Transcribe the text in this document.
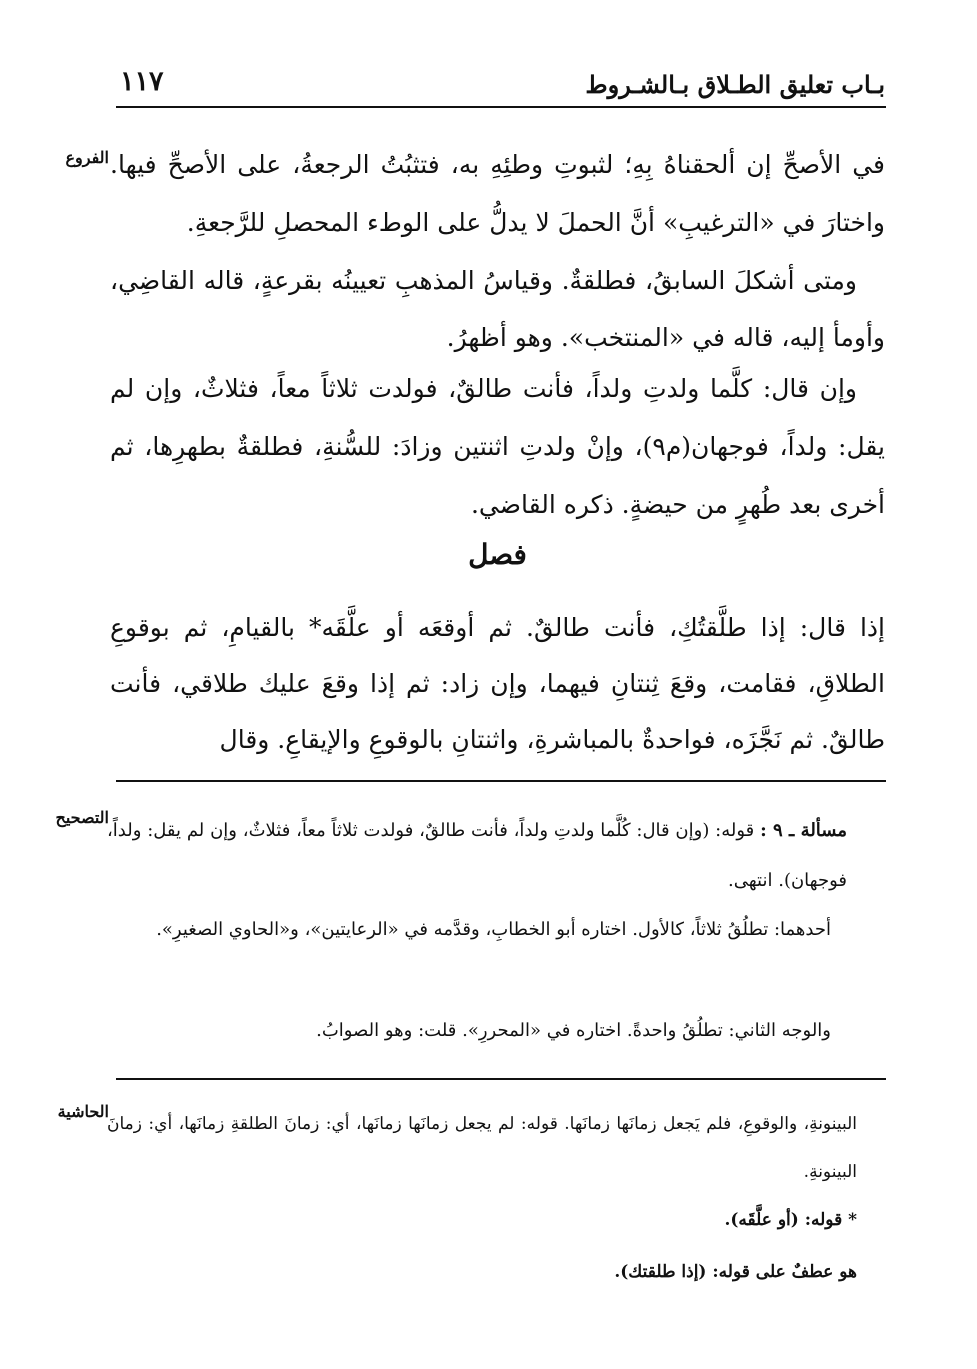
بـاب تعليق الطـلاق بـالشـروط
١١٧
الفروع في الأصحِّ إن ألحقناهُ بِهِ؛ لثبوتِ وطئِهِ به، فتثبُتُ الرجعةُ، على الأصحِّ فيها. واختارَ في «الترغيبِ» أنَّ الحملَ لا يدلُّ على الوطء المحصلِ للرَّجعةِ.

ومتى أشكلَ السابقُ، فطلقةٌ. وقياسُ المذهبِ تعيينُه بقرعةٍ، قاله القاضِي، وأومأ إليه، قاله في «المنتخب». وهو أظهرُ.

وإن قال: كلَّما ولدتِ ولداً، فأنت طالقٌ، فولدت ثلاثاً معاً، فثلاثٌ، وإن لم يقل: ولداً، فوجهان(م٩)، وإنْ ولدتِ اثنتين وزادَ: للسُّنةِ، فطلقةٌ بطهرِها، ثم أخرى بعد طُهرٍ من حيضةٍ. ذكره القاضي.

فصل

إذا قال: إذا طلَّقتُكِ، فأنت طالقٌ. ثم أوقعَه أو علَّقَه* بالقيامِ، ثم بوقوعِ الطلاقِ، فقامت، وقعَ ثِنتانِ فيهما، وإن زاد: ثم إذا وقعَ عليك طلاقي، فأنت طالقٌ. ثم نَجَّزَه، فواحدةٌ بالمباشرةِ، واثنتانِ بالوقوعِ والإيقاعِ. وقال

التصحيح

مسألة ـ ٩ : قوله: (وإن قال: كُلَّما ولدتِ ولداً، فأنت طالقٌ، فولدت ثلاثاً معاً، فثلاثٌ، وإن لم يقل: ولداً، فوجهان). انتهى.

أحدهما: تطلُقُ ثلاثاً، كالأول. اختاره أبو الخطابِ، وقدَّمه في «الرعايتين»، و«الحاوي الصغيرِ».

والوجه الثاني: تطلُقُ واحدةً. اختاره في «المحررِ». قلت: وهو الصوابُ.

الحاشية

البينونةِ، والوقوعِ، فلم يَجعل زمانَها زمانَها. قوله: لم يجعل زمانَها زمانَها، أي: زمانَ الطلقةِ زمانَها، أي: زمانَ البينونةِ.

* قوله: (أو علَّقَه).

هو عطفٌ على قوله: (إذا طلقتك).
